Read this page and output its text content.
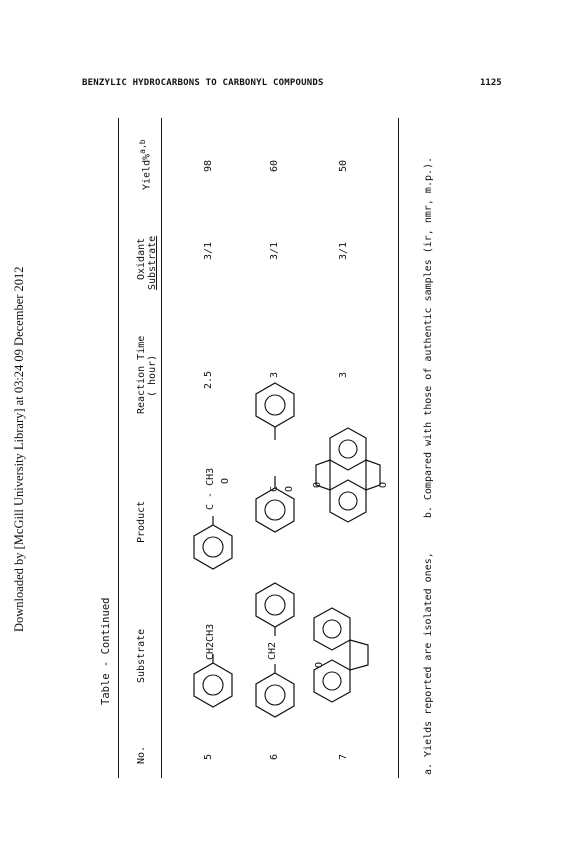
Downloaded by [McGill University Library] at 03:24 09 December 2012
BENZYLIC HYDROCARBONS TO CARBONYL COMPOUNDS	1125
Table - Continued
No.
Substrate
Product
Reaction Time ( hour)
Oxidant Substrate
Yield%$^{a,b}$
5
2.5
3/1
98
6
3
3/1
60
7
3
3/1
50
CH2CH3
C - CH3 O
CH2
C O
O
O	O
a. Yields reported are isolated ones,  b. Compared with those of authentic samples (ir, nmr, m.p.).
